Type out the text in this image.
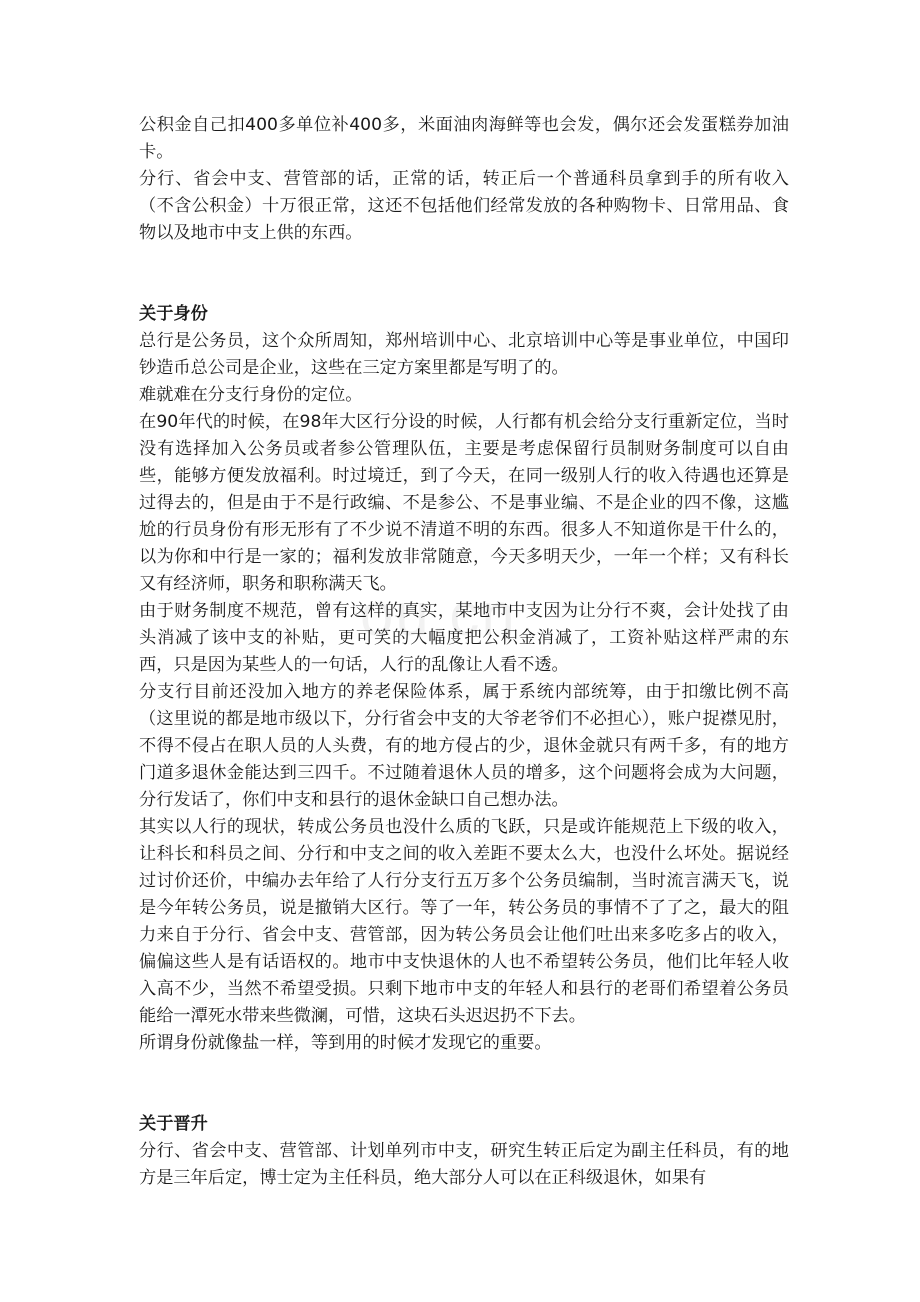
ou.cn

公积金自己扣400多单位补400多，米面油肉海鲜等也会发，偶尔还会发蛋糕券加油卡。

分行、省会中支、营管部的话，正常的话，转正后一个普通科员拿到手的所有收入（不含公积金）十万很正常，这还不包括他们经常发放的各种购物卡、日常用品、食物以及地市中支上供的东西。

关于身份

总行是公务员，这个众所周知，郑州培训中心、北京培训中心等是事业单位，中国印钞造币总公司是企业，这些在三定方案里都是写明了的。

难就难在分支行身份的定位。

在90年代的时候，在98年大区行分设的时候，人行都有机会给分支行重新定位，当时没有选择加入公务员或者参公管理队伍，主要是考虑保留行员制财务制度可以自由些，能够方便发放福利。时过境迁，到了今天，在同一级别人行的收入待遇也还算是过得去的，但是由于不是行政编、不是参公、不是事业编、不是企业的四不像，这尴尬的行员身份有形无形有了不少说不清道不明的东西。很多人不知道你是干什么的，以为你和中行是一家的；福利发放非常随意，今天多明天少，一年一个样；又有科长又有经济师，职务和职称满天飞。

由于财务制度不规范，曾有这样的真实，某地市中支因为让分行不爽，会计处找了由头消减了该中支的补贴，更可笑的大幅度把公积金消减了，工资补贴这样严肃的东西，只是因为某些人的一句话，人行的乱像让人看不透。

分支行目前还没加入地方的养老保险体系，属于系统内部统筹，由于扣缴比例不高（这里说的都是地市级以下，分行省会中支的大爷老爷们不必担心），账户捉襟见肘，不得不侵占在职人员的人头费，有的地方侵占的少，退休金就只有两千多，有的地方门道多退休金能达到三四千。不过随着退休人员的增多，这个问题将会成为大问题，分行发话了，你们中支和县行的退休金缺口自己想办法。

其实以人行的现状，转成公务员也没什么质的飞跃，只是或许能规范上下级的收入，让科长和科员之间、分行和中支之间的收入差距不要太么大，也没什么坏处。据说经过讨价还价，中编办去年给了人行分支行五万多个公务员编制，当时流言满天飞，说是今年转公务员，说是撤销大区行。等了一年，转公务员的事情不了了之，最大的阻力来自于分行、省会中支、营管部，因为转公务员会让他们吐出来多吃多占的收入，偏偏这些人是有话语权的。地市中支快退休的人也不希望转公务员，他们比年轻人收入高不少，当然不希望受损。只剩下地市中支的年轻人和县行的老哥们希望着公务员能给一潭死水带来些微澜，可惜，这块石头迟迟扔不下去。

所谓身份就像盐一样，等到用的时候才发现它的重要。

关于晋升

分行、省会中支、营管部、计划单列市中支，研究生转正后定为副主任科员，有的地方是三年后定，博士定为主任科员，绝大部分人可以在正科级退休，如果有
